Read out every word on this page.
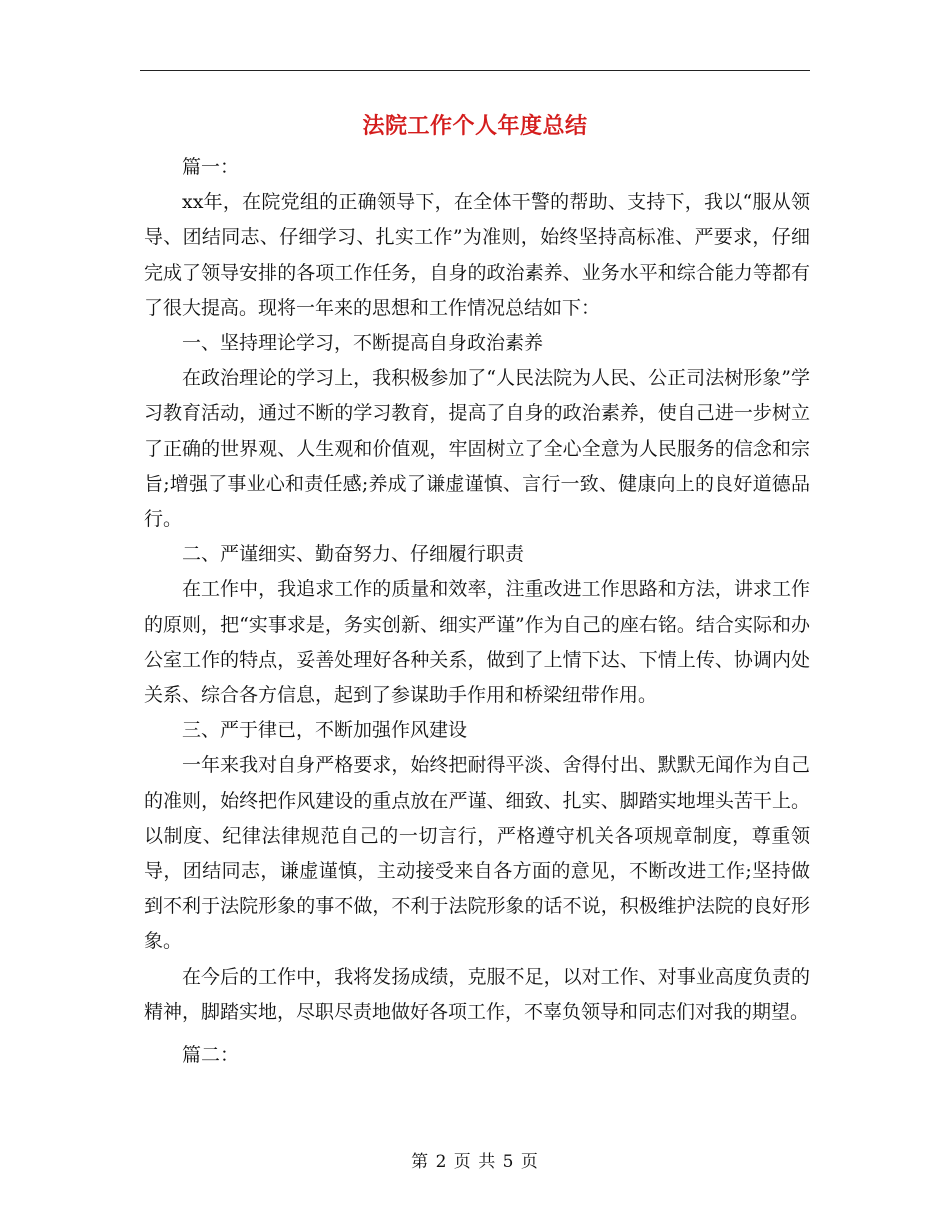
法院工作个人年度总结

篇一：

xx年，在院党组的正确领导下，在全体干警的帮助、支持下，我以“服从领导、团结同志、仔细学习、扎实工作”为准则，始终坚持高标准、严要求，仔细完成了领导安排的各项工作任务，自身的政治素养、业务水平和综合能力等都有了很大提高。现将一年来的思想和工作情况总结如下：

一、坚持理论学习，不断提高自身政治素养

在政治理论的学习上，我积极参加了“人民法院为人民、公正司法树形象”学习教育活动，通过不断的学习教育，提高了自身的政治素养，使自己进一步树立了正确的世界观、人生观和价值观，牢固树立了全心全意为人民服务的信念和宗旨;增强了事业心和责任感;养成了谦虚谨慎、言行一致、健康向上的良好道德品行。

二、严谨细实、勤奋努力、仔细履行职责

在工作中，我追求工作的质量和效率，注重改进工作思路和方法，讲求工作的原则，把“实事求是，务实创新、细实严谨”作为自己的座右铭。结合实际和办公室工作的特点，妥善处理好各种关系，做到了上情下达、下情上传、协调内处关系、综合各方信息，起到了参谋助手作用和桥梁纽带作用。

三、严于律已，不断加强作风建设

一年来我对自身严格要求，始终把耐得平淡、舍得付出、默默无闻作为自己的准则，始终把作风建设的重点放在严谨、细致、扎实、脚踏实地埋头苦干上。以制度、纪律法律规范自己的一切言行，严格遵守机关各项规章制度，尊重领导，团结同志，谦虚谨慎，主动接受来自各方面的意见，不断改进工作;坚持做到不利于法院形象的事不做，不利于法院形象的话不说，积极维护法院的良好形象。

在今后的工作中，我将发扬成绩，克服不足，以对工作、对事业高度负责的精神，脚踏实地，尽职尽责地做好各项工作，不辜负领导和同志们对我的期望。

篇二：

第 2 页 共 5 页
